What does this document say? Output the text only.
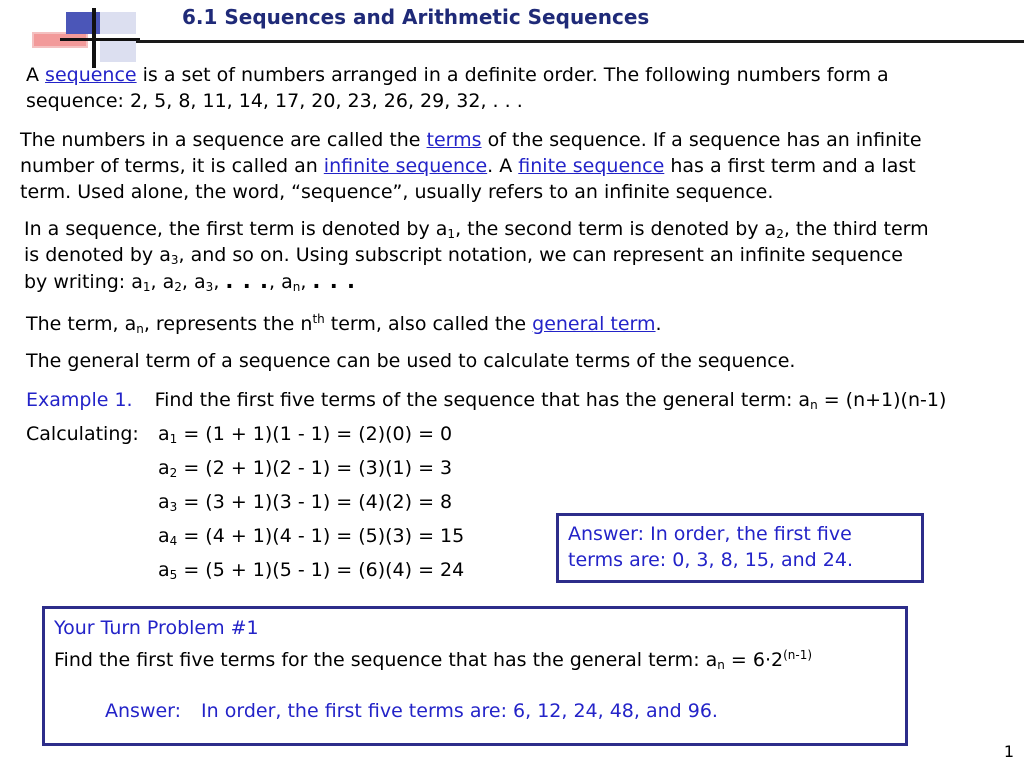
6.1 Sequences and Arithmetic Sequences
A sequence is a set of numbers arranged in a definite order. The following numbers form a
sequence: 2, 5, 8, 11, 14, 17, 20, 23, 26, 29, 32, . . .
The numbers in a sequence are called the terms of the sequence. If a sequence has an infinite
number of terms, it is called an infinite sequence. A finite sequence has a first term and a last
term. Used alone, the word, “sequence”, usually refers to an infinite sequence.
In a sequence, the first term is denoted by $a_1$, the second term is denoted by $a_2$, the third term
is denoted by $a_3$, and so on. Using subscript notation, we can represent an infinite sequence
by writing: $a_1$, $a_2$, $a_3$, . . ., $a_n$, . . .
The term, $a_n$, represents the $n^{th}$ term, also called the general term.
The general term of a sequence can be used to calculate terms of the sequence.
Example 1. Find the first five terms of the sequence that has the general term: $a_n = (n+1)(n-1)$
Calculating: $a_1 = (1 + 1)(1 - 1) = (2)(0) = 0$
$a_2 = (2 + 1)(2 - 1) = (3)(1) = 3$
$a_3 = (3 + 1)(3 - 1) = (4)(2) = 8$
$a_4 = (4 + 1)(4 - 1) = (5)(3) = 15$
$a_5 = (5 + 1)(5 - 1) = (6)(4) = 24$
Answer: In order, the first five
terms are: 0, 3, 8, 15, and 24.
Your Turn Problem #1
Find the first five terms for the sequence that has the general term: $a_n = 6\cdot 2^{(n-1)}$
Answer: In order, the first five terms are: 6, 12, 24, 48, and 96.
1
